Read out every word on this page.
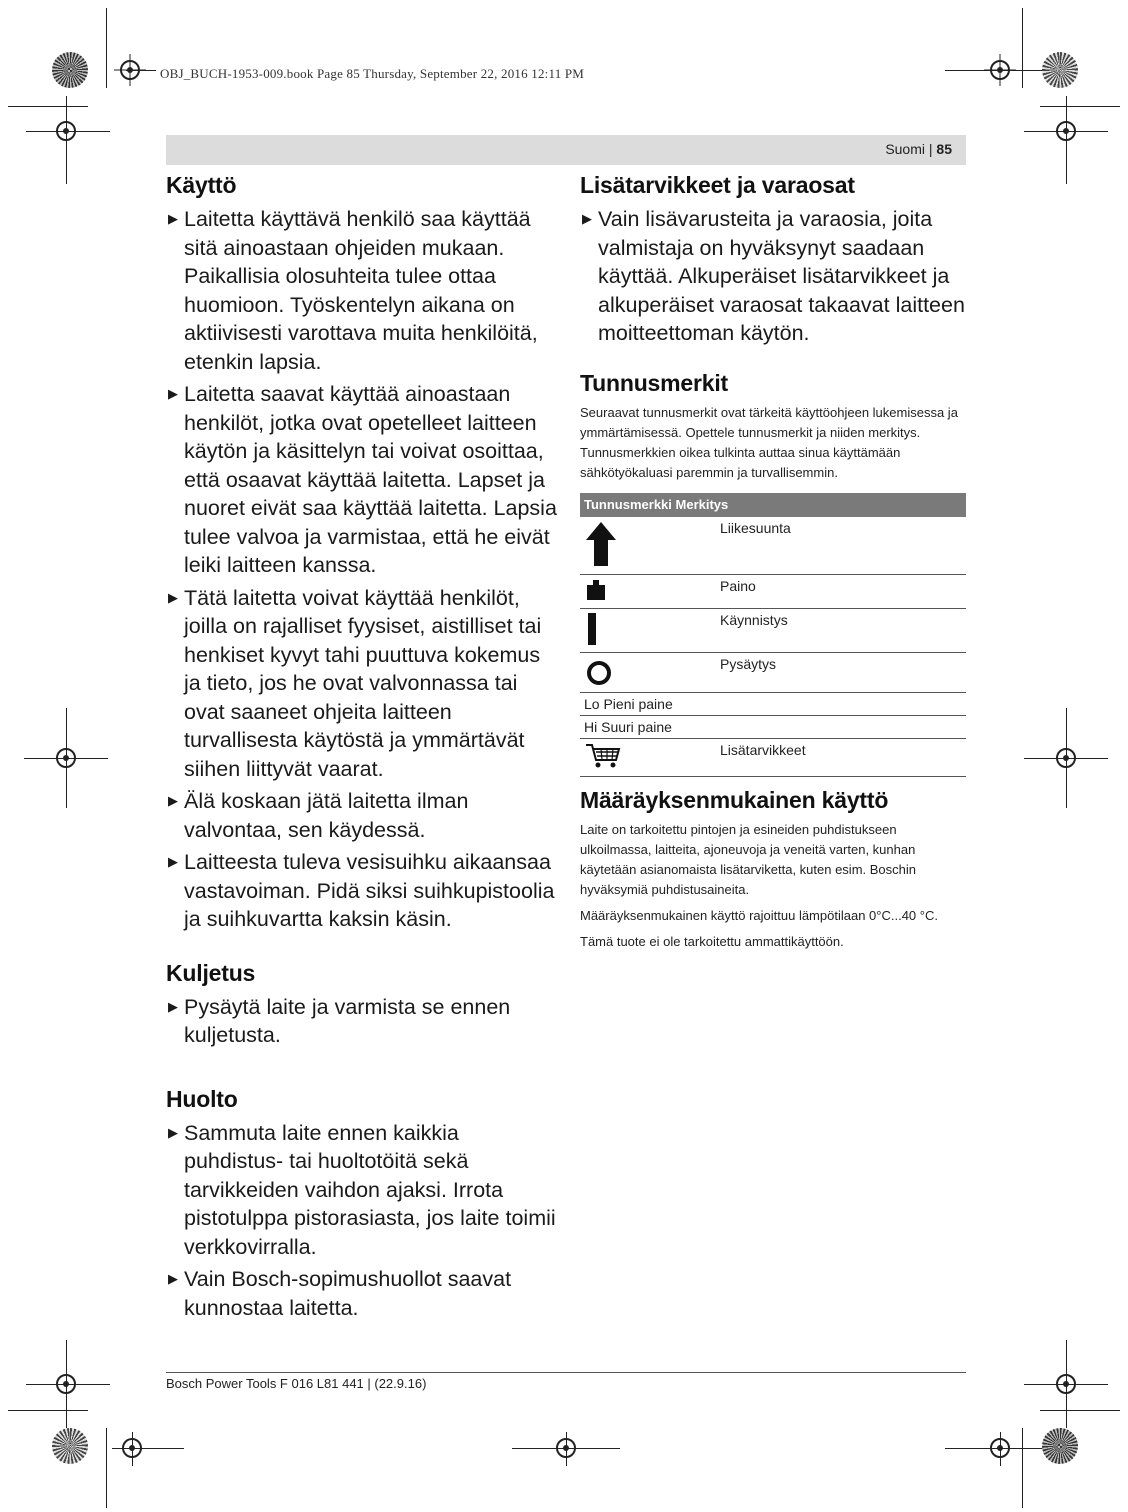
OBJ_BUCH-1953-009.book Page 85 Thursday, September 22, 2016 12:11 PM
Suomi | 85
Käyttö
▶ Laitetta käyttävä henkilö saa käyttää sitä ainoastaan ohjeiden mukaan. Paikallisia olosuhteita tulee ottaa huomioon. Työskentelyn aikana on aktiivisesti varottava muita henkilöitä, etenkin lapsia.
▶ Laitetta saavat käyttää ainoastaan henkilöt, jotka ovat opetelleet laitteen käytön ja käsittelyn tai voivat osoittaa, että osaavat käyttää laitetta. Lapset ja nuoret eivät saa käyttää laitetta. Lapsia tulee valvoa ja varmistaa, että he eivät leiki laitteen kanssa.
▶ Tätä laitetta voivat käyttää henkilöt, joilla on rajalliset fyysiset, aistilliset tai henkiset kyvyt tahi puuttuva kokemus ja tieto, jos he ovat valvonnassa tai ovat saaneet ohjeita laitteen turvallisesta käytöstä ja ymmärtävät siihen liittyvät vaarat.
▶ Älä koskaan jätä laitetta ilman valvontaa, sen käydessä.
▶ Laitteesta tuleva vesisuihku aikaansaa vastavoiman. Pidä siksi suihkupistoolia ja suihkuvartta kaksin käsin.
Kuljetus
▶ Pysäytä laite ja varmista se ennen kuljetusta.
Huolto
▶ Sammuta laite ennen kaikkia puhdistus- tai huoltotöitä sekä tarvikkeiden vaihdon ajaksi. Irrota pistotulppa pistorasiasta, jos laite toimii verkkovirralla.
▶ Vain Bosch-sopimushuollot saavat kunnostaa laitetta.
Lisätarvikkeet ja varaosat
▶ Vain lisävarusteita ja varaosia, joita valmistaja on hyväksynyt saadaan käyttää. Alkuperäiset lisätarvikkeet ja alkuperäiset varaosat takaavat laitteen moitteettoman käytön.
Tunnusmerkit

Seuraavat tunnusmerkit ovat tärkeitä käyttöohjeen lukemisessa ja ymmärtämisessä. Opettele tunnusmerkit ja niiden merkitys. Tunnusmerkkien oikea tulkinta auttaa sinua käyttämään sähkötyökaluasi paremmin ja turvallisemmin.

Tunnusmerkki Merkitys	
	Liikesuunta
	Paino
	Käynnistys
	Pysäytys
Lo Pieni paine	
Hi Suuri paine	
	Lisätarvikkeet
Määräyksenmukainen käyttö

Laite on tarkoitettu pintojen ja esineiden puhdistukseen ulkoilmassa, laitteita, ajoneuvoja ja veneitä varten, kunhan käytetään asianomaista lisätarviketta, kuten esim. Boschin hyväksymiä puhdistusaineita.

Määräyksenmukainen käyttö rajoittuu lämpötilaan 0°C...40 °C.

Tämä tuote ei ole tarkoitettu ammattikäyttöön.

Bosch Power Tools F 016 L81 441 | (22.9.16)
